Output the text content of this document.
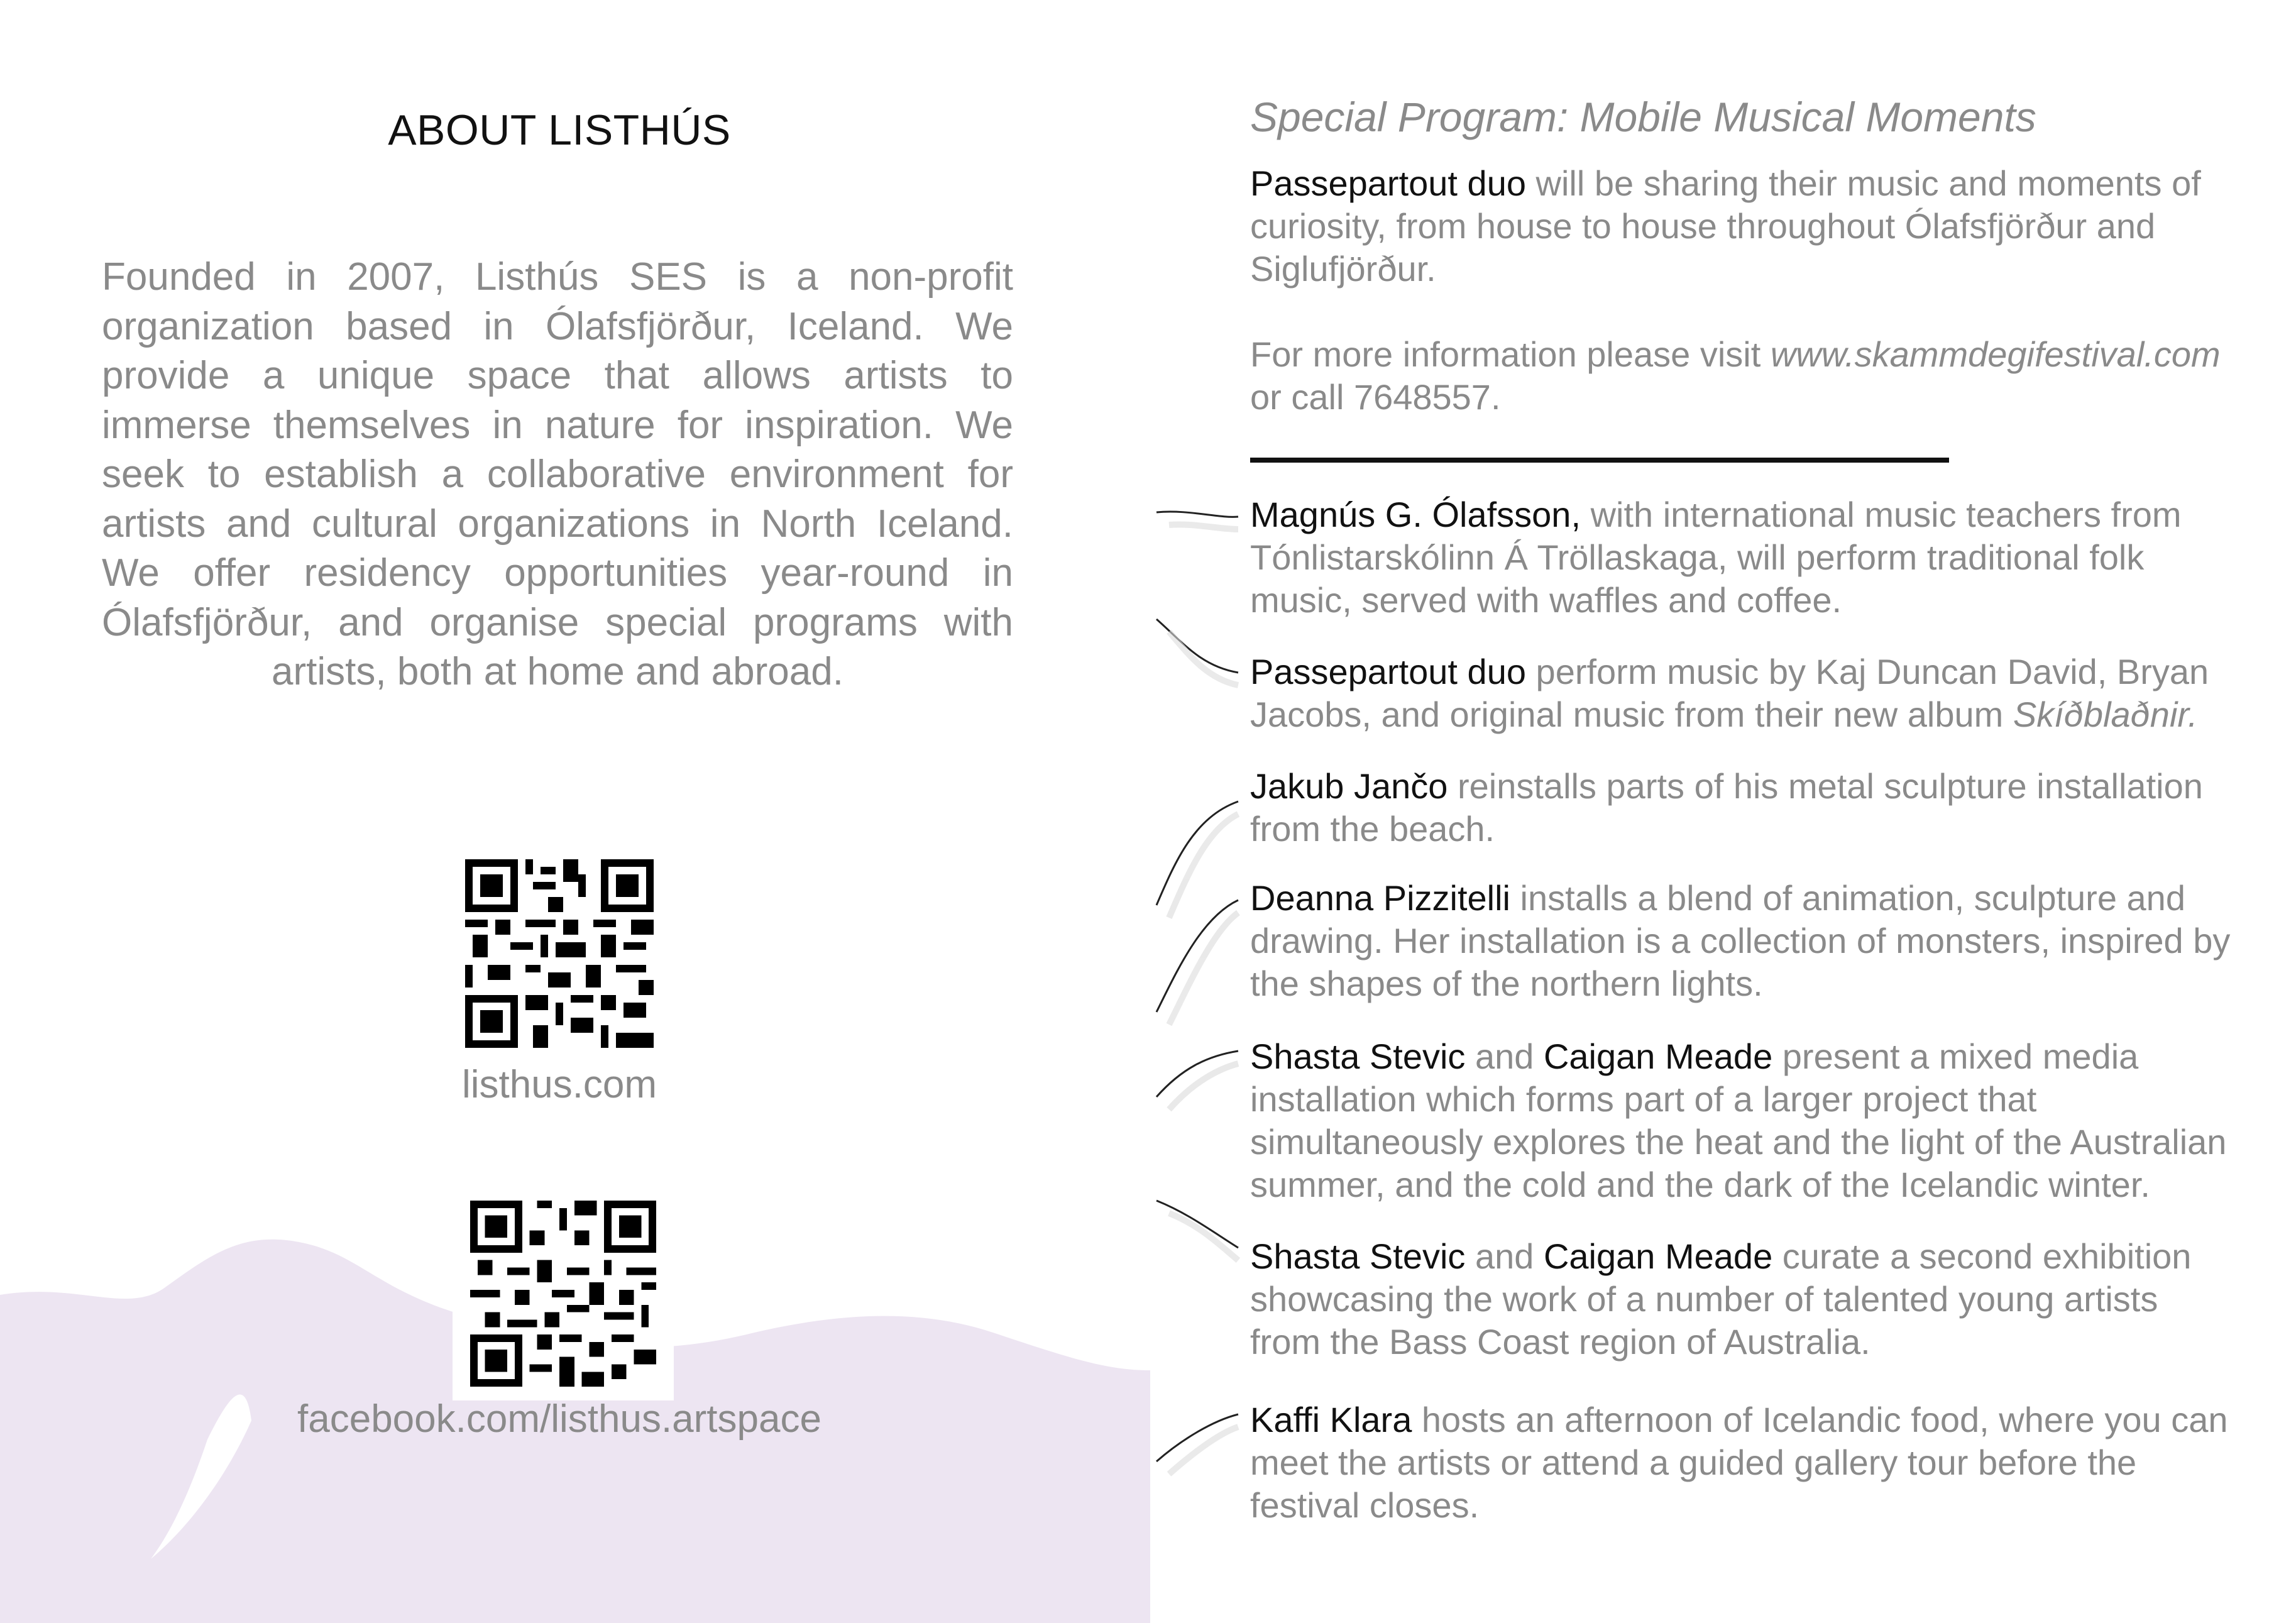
ABOUT LISTHÚS

Founded in 2007, Listhús SES is a non-profit organization based in Ólafsfjörður, Iceland. We provide a unique space that allows artists to immerse themselves in nature for inspiration. We seek to establish a collaborative environment for artists and cultural organizations in North Iceland. We offer residency opportunities year-round in Ólafsfjörður, and organise special programs with artists, both at home and abroad.

listhus.com
facebook.com/listhus.artspace
Special Program: Mobile Musical Moments
Passepartout duo will be sharing their music and moments of curiosity, from house to house throughout Ólafsfjörður and Siglufjörður.
For more information please visit www.skammdegifestival.com or call 7648557.
Magnús G. Ólafsson, with international music teachers from Tónlistarskólinn Á Tröllaskaga, will perform traditional folk music, served with waffles and coffee.
Passepartout duo perform music by Kaj Duncan David, Bryan Jacobs, and original music from their new album Skíðblaðnir.
Jakub Jančo reinstalls parts of his metal sculpture installation from the beach.
Deanna Pizzitelli installs a blend of animation, sculpture and drawing. Her installation is a collection of monsters, inspired by the shapes of the northern lights.
Shasta Stevic and Caigan Meade present a mixed media installation which forms part of a larger project that simultaneously explores the heat and the light of the Australian summer, and the cold and the dark of the Icelandic winter.
Shasta Stevic and Caigan Meade curate a second exhibition showcasing the work of a number of talented young artists from the Bass Coast region of Australia.
Kaffi Klara hosts an afternoon of Icelandic food, where you can meet the artists or attend a guided gallery tour before the festival closes.
